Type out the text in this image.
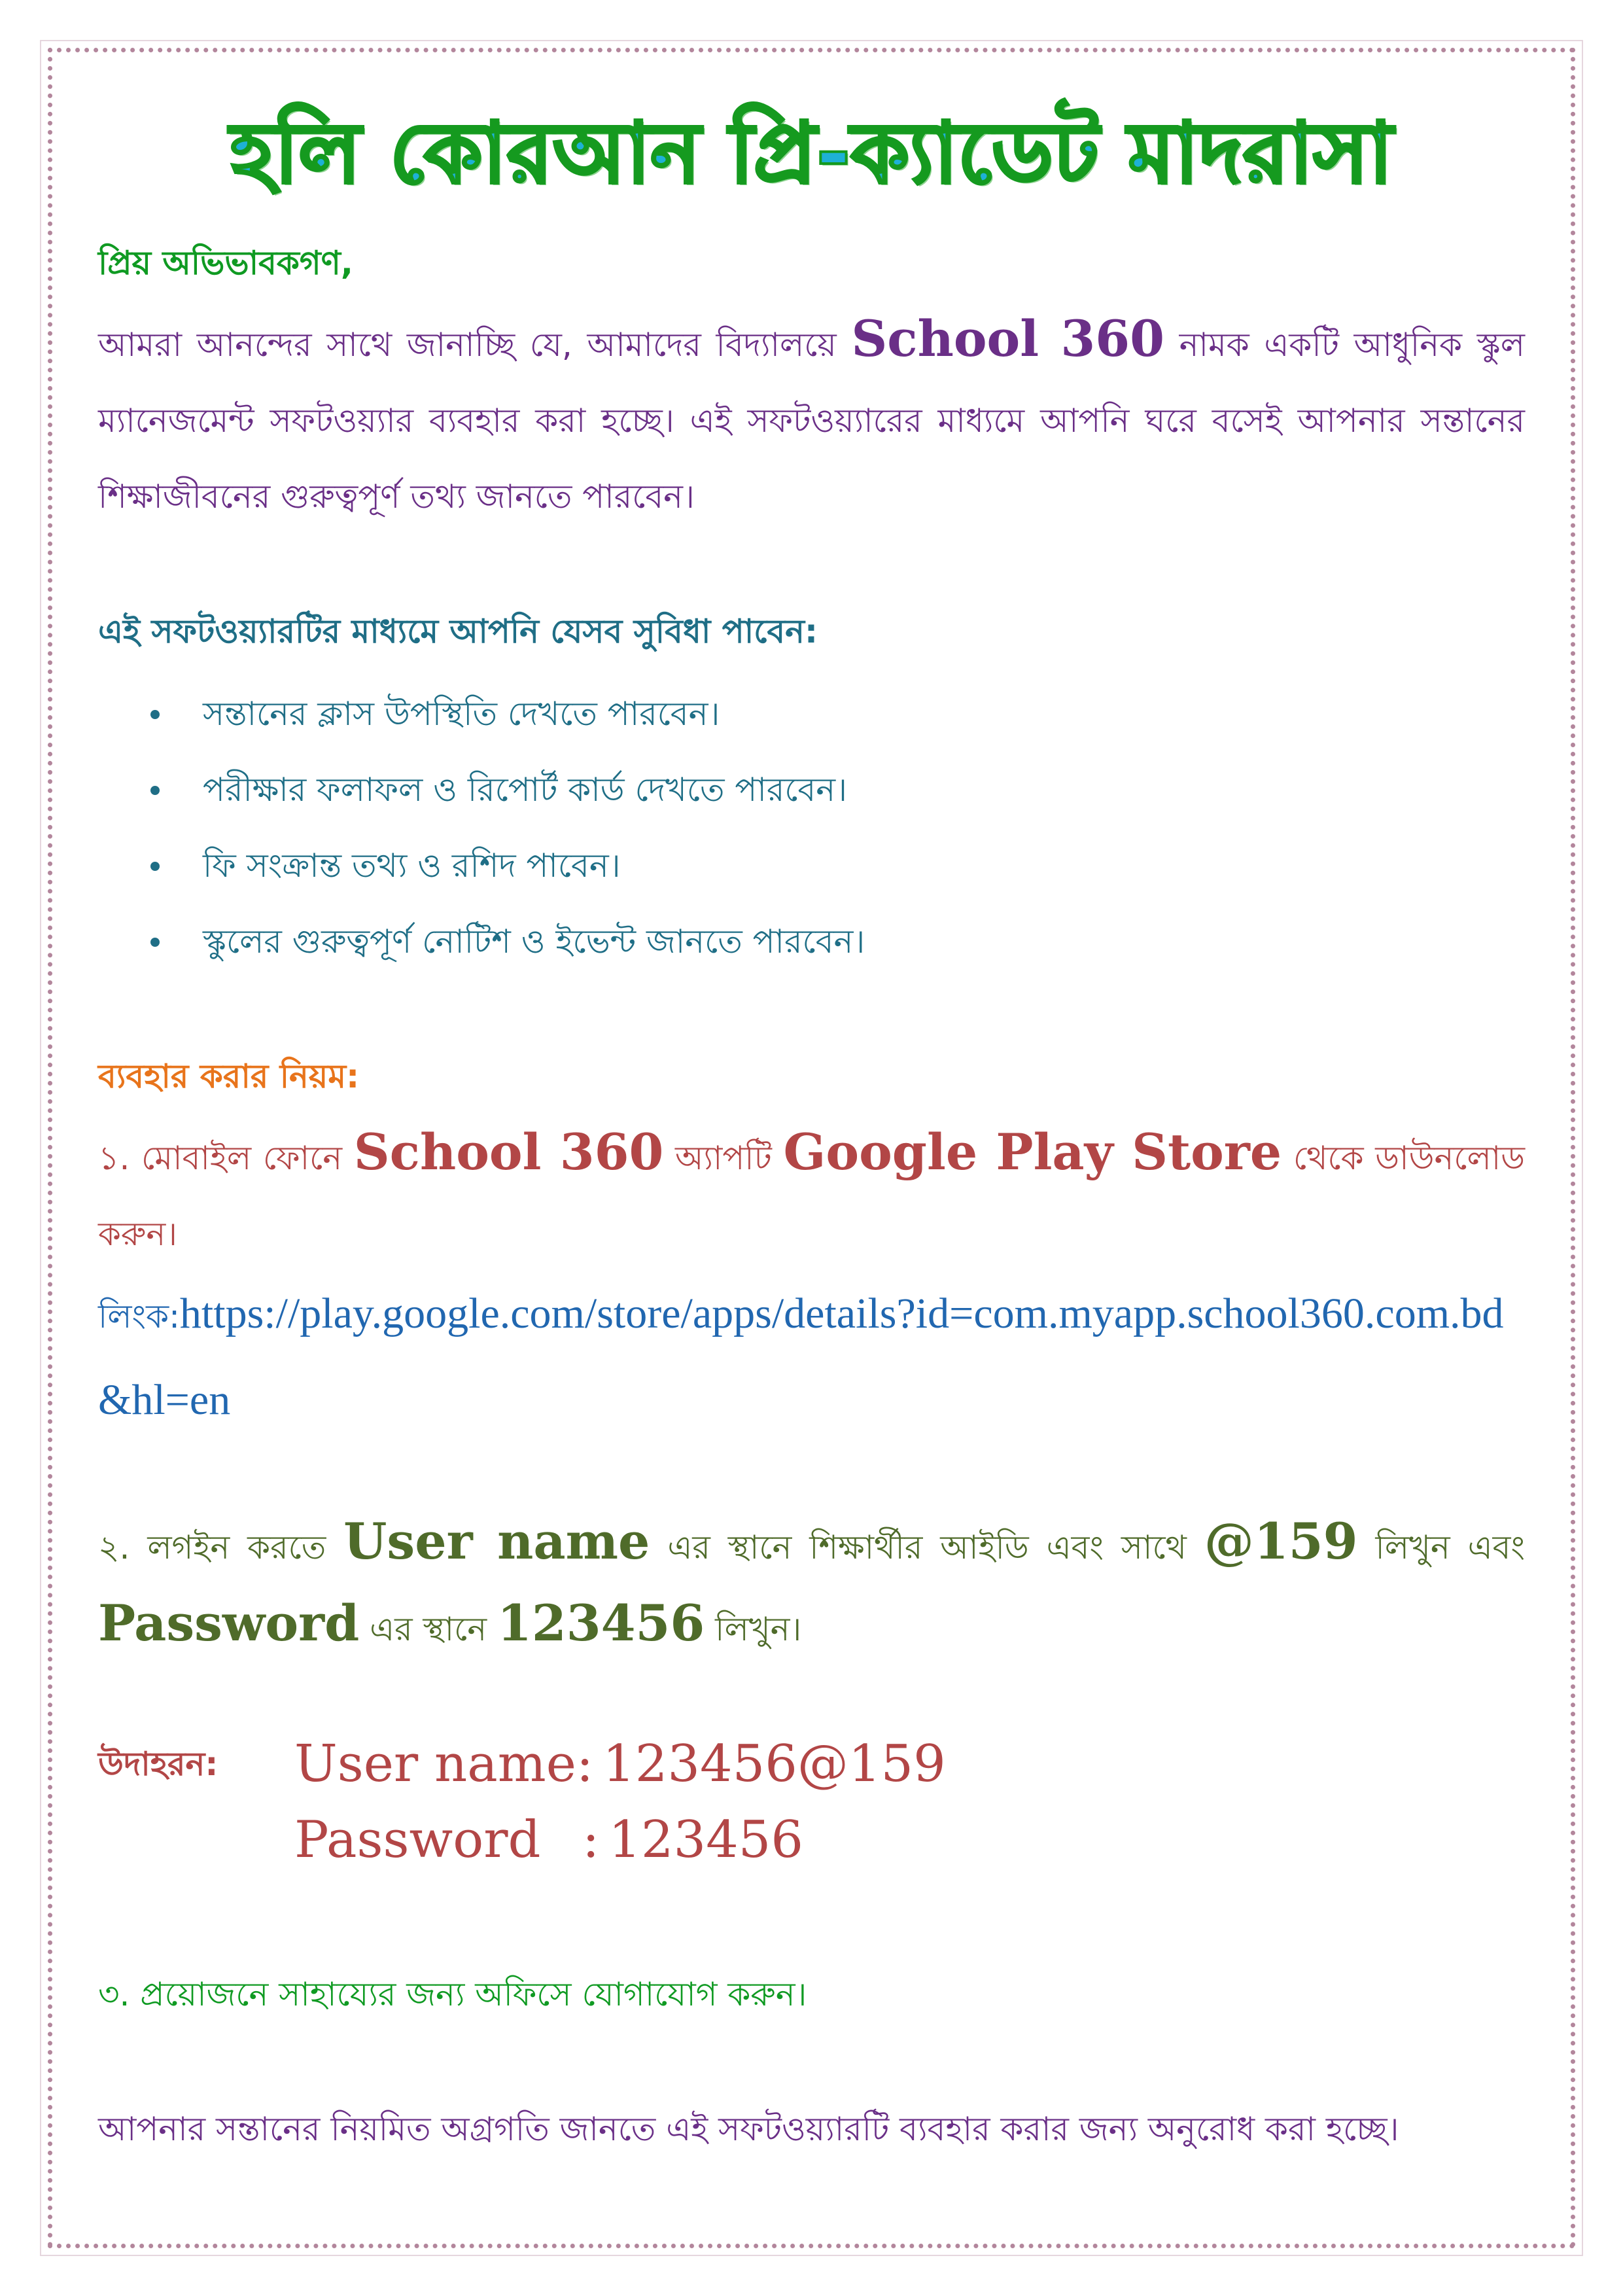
হলি কোরআন প্রি-ক্যাডেট মাদরাসা

প্রিয় অভিভাবকগণ,

আমরা আনন্দের সাথে জানাচ্ছি যে, আমাদের বিদ্যালয়ে School 360 নামক একটি আধুনিক স্কুল ম্যানেজমেন্ট সফটওয়্যার ব্যবহার করা হচ্ছে। এই সফটওয়্যারের মাধ্যমে আপনি ঘরে বসেই আপনার সন্তানের শিক্ষাজীবনের গুরুত্বপূর্ণ তথ্য জানতে পারবেন।

এই সফটওয়্যারটির মাধ্যমে আপনি যেসব সুবিধা পাবেন:

সন্তানের ক্লাস উপস্থিতি দেখতে পারবেন।
পরীক্ষার ফলাফল ও রিপোর্ট কার্ড দেখতে পারবেন।
ফি সংক্রান্ত তথ্য ও রশিদ পাবেন।
স্কুলের গুরুত্বপূর্ণ নোটিশ ও ইভেন্ট জানতে পারবেন।

ব্যবহার করার নিয়ম:

১. মোবাইল ফোনে School 360 অ্যাপটি Google Play Store থেকে ডাউনলোড করুন।

লিংক:https://play.google.com/store/apps/details?id=com.myapp.school360.com.bd&hl=en

২. লগইন করতে User name এর স্থানে শিক্ষার্থীর আইডি এবং সাথে @159 লিখুন এবং Password এর স্থানে 123456 লিখুন।

উদাহরন:	User name : 123456@159
Password : 123456

৩. প্রয়োজনে সাহায্যের জন্য অফিসে যোগাযোগ করুন।

আপনার সন্তানের নিয়মিত অগ্রগতি জানতে এই সফটওয়্যারটি ব্যবহার করার জন্য অনুরোধ করা হচ্ছে।
